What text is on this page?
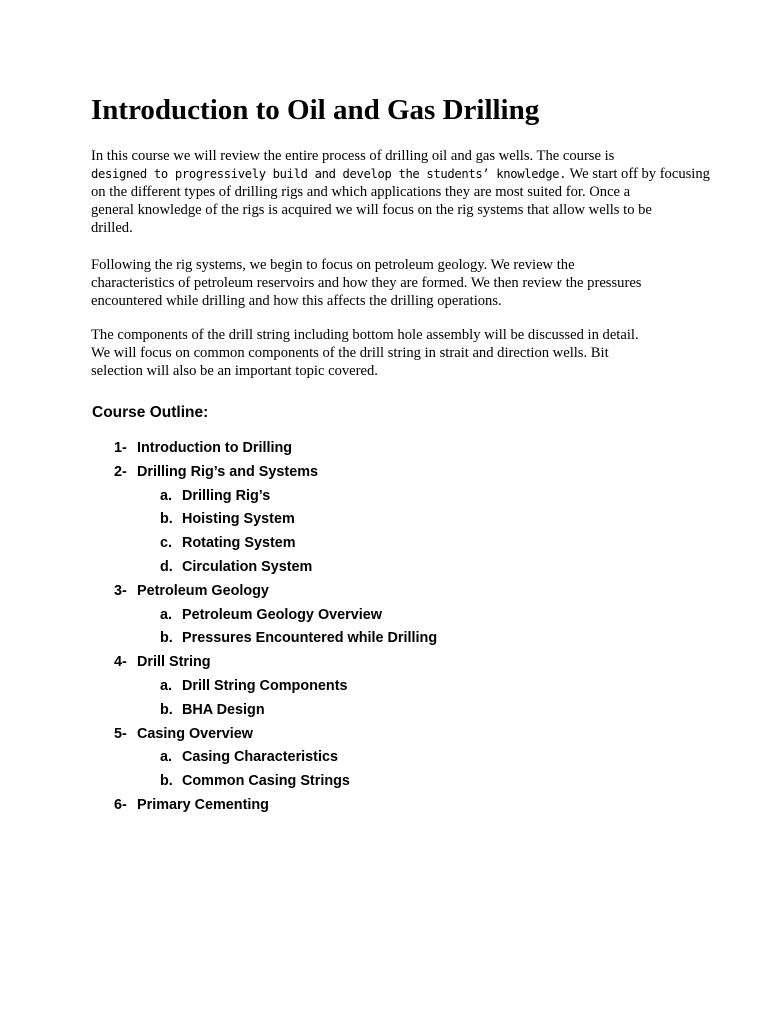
Introduction to Oil and Gas Drilling

In this course we will review the entire process of drilling oil and gas wells. The course is
designed to progressively build and develop the students’ knowledge. We start off by focusing
on the different types of drilling rigs and which applications they are most suited for. Once a
general knowledge of the rigs is acquired we will focus on the rig systems that allow wells to be
drilled.

Following the rig systems, we begin to focus on petroleum geology. We review the
characteristics of petroleum reservoirs and how they are formed. We then review the pressures
encountered while drilling and how this affects the drilling operations.

The components of the drill string including bottom hole assembly will be discussed in detail.
We will focus on common components of the drill string in strait and direction wells. Bit
selection will also be an important topic covered.

Course Outline:
1- Introduction to Drilling
2- Drilling Rig’s and Systems
a. Drilling Rig’s
b. Hoisting System
c. Rotating System
d. Circulation System
3- Petroleum Geology
a. Petroleum Geology Overview
b. Pressures Encountered while Drilling
4- Drill String
a. Drill String Components
b. BHA Design
5- Casing Overview
a. Casing Characteristics
b. Common Casing Strings
6- Primary Cementing
